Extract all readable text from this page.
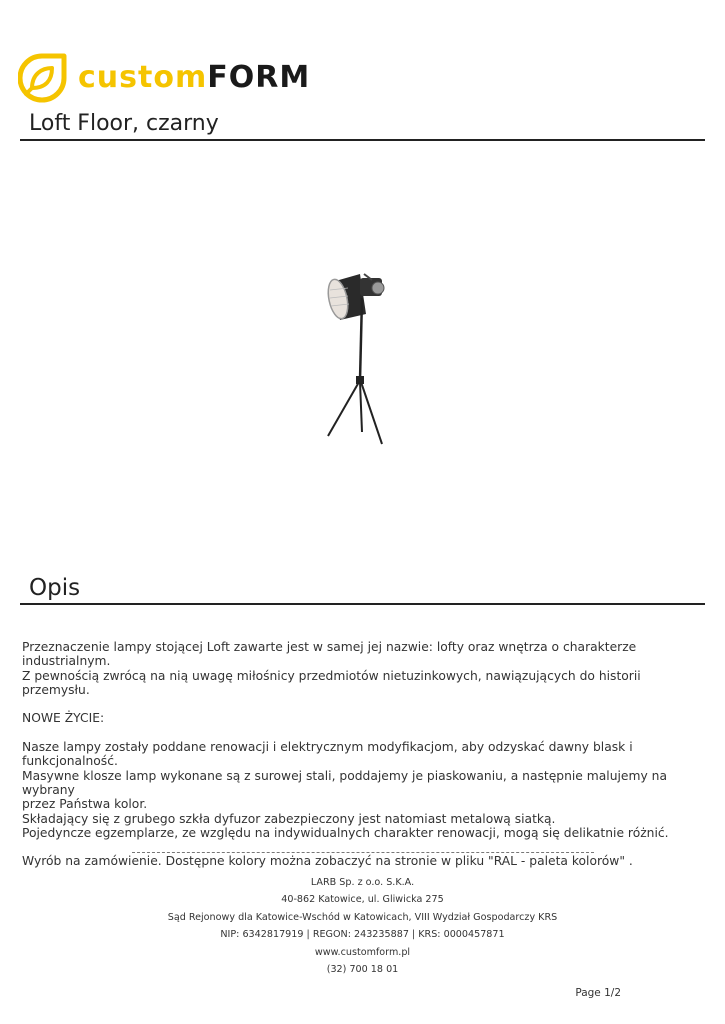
customFORM
Loft Floor, czarny
Opis

Przeznaczenie lampy stojącej Loft zawarte jest w samej jej nazwie: lofty oraz wnętrza o charakterze industrialnym.

Z pewnością zwrócą na nią uwagę miłośnicy przedmiotów nietuzinkowych, nawiązujących do historii przemysłu.

NOWE ŻYCIE:

Nasze lampy zostały poddane renowacji i elektrycznym modyfikacjom, aby odzyskać dawny blask i funkcjonalność.

Masywne klosze lamp wykonane są z surowej stali, poddajemy je piaskowaniu, a następnie malujemy na wybrany

przez Państwa kolor.

Składający się z grubego szkła dyfuzor zabezpieczony jest natomiast metalową siatką.

Pojedyncze egzemplarze, ze względu na indywidualnych charakter renowacji, mogą się delikatnie różnić.

Wyrób na zamówienie. Dostępne kolory można zobaczyć na stronie w pliku "RAL - paleta kolorów" .

LARB Sp. z o.o. S.K.A.
40-862 Katowice, ul. Gliwicka 275
Sąd Rejonowy dla Katowice-Wschód w Katowicach, VIII Wydział Gospodarczy KRS
NIP: 6342817919 | REGON: 243235887 | KRS: 0000457871
www.customform.pl
(32) 700 18 01
Page 1/2
